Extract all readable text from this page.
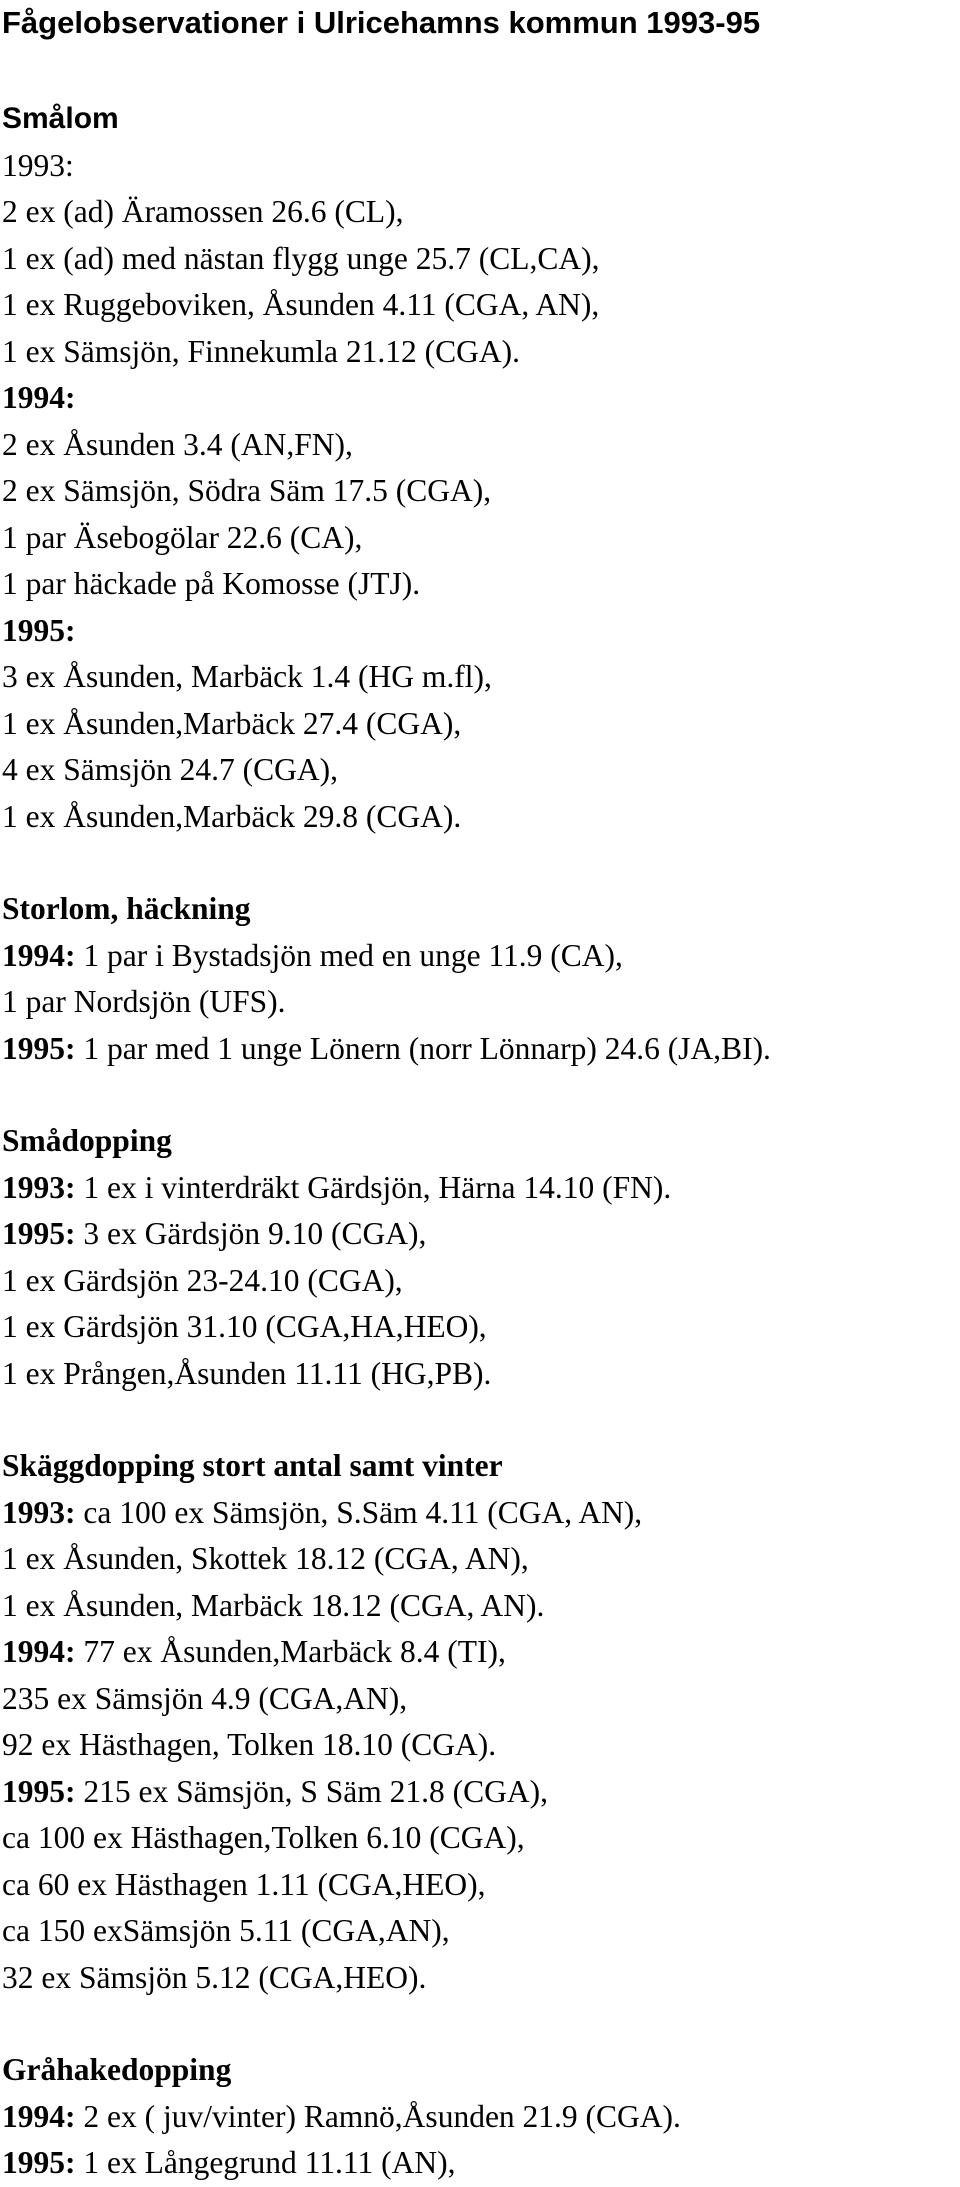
Fågelobservationer i Ulricehamns kommun 1993-95
Smålom
1993:
2 ex (ad) Äramossen 26.6 (CL),
1 ex (ad) med nästan flygg unge 25.7 (CL,CA),
1 ex Ruggeboviken, Åsunden 4.11 (CGA, AN),
1 ex Sämsjön, Finnekumla 21.12 (CGA).
1994:
2 ex Åsunden 3.4 (AN,FN),
2 ex Sämsjön, Södra Säm 17.5 (CGA),
1 par Äsebogölar 22.6 (CA),
1 par häckade på Komosse (JTJ).
1995:
3 ex Åsunden, Marbäck 1.4 (HG m.fl),
1 ex Åsunden,Marbäck 27.4 (CGA),
4 ex Sämsjön 24.7 (CGA),
1 ex Åsunden,Marbäck 29.8 (CGA).
Storlom, häckning
1994: 1 par i Bystadsjön med en unge 11.9 (CA),
1 par Nordsjön (UFS).
1995: 1 par med 1 unge Lönern (norr Lönnarp) 24.6 (JA,BI).
Smådopping
1993: 1 ex i vinterdräkt Gärdsjön, Härna 14.10 (FN).
1995: 3 ex Gärdsjön 9.10 (CGA),
1 ex Gärdsjön 23-24.10 (CGA),
1 ex Gärdsjön 31.10 (CGA,HA,HEO),
1 ex Prången,Åsunden 11.11 (HG,PB).
Skäggdopping stort antal samt vinter
1993: ca 100 ex Sämsjön, S.Säm 4.11 (CGA, AN),
1 ex Åsunden, Skottek 18.12 (CGA, AN),
1 ex Åsunden, Marbäck 18.12 (CGA, AN).
1994: 77 ex Åsunden,Marbäck 8.4 (TI),
235 ex Sämsjön 4.9 (CGA,AN),
92 ex Hästhagen, Tolken 18.10 (CGA).
1995: 215 ex Sämsjön, S Säm 21.8 (CGA),
ca 100 ex Hästhagen,Tolken 6.10 (CGA),
ca 60 ex Hästhagen 1.11 (CGA,HEO),
ca 150 exSämsjön 5.11 (CGA,AN),
32 ex Sämsjön 5.12 (CGA,HEO).
Gråhakedopping
1994: 2 ex ( juv/vinter) Ramnö,Åsunden 21.9 (CGA).
1995: 1 ex Långegrund 11.11 (AN),
